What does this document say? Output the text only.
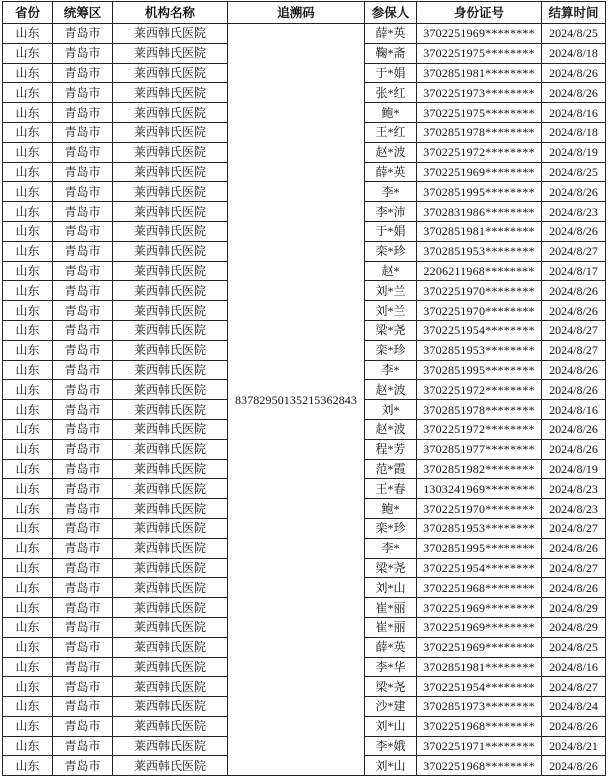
省份	统筹区	机构名称	追溯码	参保人	身份证号	结算时间
山东	青岛市	莱西韩氏医院	83782950135215362843	薛*英	3702251969********	2024/8/25
山东	青岛市	莱西韩氏医院		鞠*斋	3702251975********	2024/8/18
山东	青岛市	莱西韩氏医院		于*娟	3702851981********	2024/8/26
山东	青岛市	莱西韩氏医院		张*红	3702251973********	2024/8/26
山东	青岛市	莱西韩氏医院		鲍*	3702251975********	2024/8/16
山东	青岛市	莱西韩氏医院		王*红	3702851978********	2024/8/18
山东	青岛市	莱西韩氏医院		赵*波	3702251972********	2024/8/19
山东	青岛市	莱西韩氏医院		薛*英	3702251969********	2024/8/25
山东	青岛市	莱西韩氏医院		李*	3702851995********	2024/8/26
山东	青岛市	莱西韩氏医院		李*沛	3702831986********	2024/8/23
山东	青岛市	莱西韩氏医院		于*娟	3702851981********	2024/8/26
山东	青岛市	莱西韩氏医院		栾*珍	3702851953********	2024/8/27
山东	青岛市	莱西韩氏医院		赵*	2206211968********	2024/8/17
山东	青岛市	莱西韩氏医院		刘*兰	3702251970********	2024/8/26
山东	青岛市	莱西韩氏医院		刘*兰	3702251970********	2024/8/26
山东	青岛市	莱西韩氏医院		梁*尧	3702251954********	2024/8/27
山东	青岛市	莱西韩氏医院		栾*珍	3702851953********	2024/8/27
山东	青岛市	莱西韩氏医院		李*	3702851995********	2024/8/26
山东	青岛市	莱西韩氏医院		赵*波	3702251972********	2024/8/26
山东	青岛市	莱西韩氏医院		刘*	3702851978********	2024/8/16
山东	青岛市	莱西韩氏医院		赵*波	3702251972********	2024/8/26
山东	青岛市	莱西韩氏医院		程*芳	3702851977********	2024/8/26
山东	青岛市	莱西韩氏医院		范*霞	3702851982********	2024/8/19
山东	青岛市	莱西韩氏医院		王*春	1303241969********	2024/8/23
山东	青岛市	莱西韩氏医院		鲍*	3702251970********	2024/8/23
山东	青岛市	莱西韩氏医院		栾*珍	3702851953********	2024/8/27
山东	青岛市	莱西韩氏医院		李*	3702851995********	2024/8/26
山东	青岛市	莱西韩氏医院		梁*尧	3702251954********	2024/8/27
山东	青岛市	莱西韩氏医院		刘*山	3702251968********	2024/8/26
山东	青岛市	莱西韩氏医院		崔*丽	3702251969********	2024/8/29
山东	青岛市	莱西韩氏医院		崔*丽	3702251969********	2024/8/29
山东	青岛市	莱西韩氏医院		薛*英	3702251969********	2024/8/25
山东	青岛市	莱西韩氏医院		李*华	3702851981********	2024/8/16
山东	青岛市	莱西韩氏医院		梁*尧	3702251954********	2024/8/27
山东	青岛市	莱西韩氏医院		沙*建	3702851973********	2024/8/24
山东	青岛市	莱西韩氏医院		刘*山	3702251968********	2024/8/26
山东	青岛市	莱西韩氏医院		李*娥	3702251971********	2024/8/21
山东	青岛市	莱西韩氏医院		刘*山	3702251968********	2024/8/26
